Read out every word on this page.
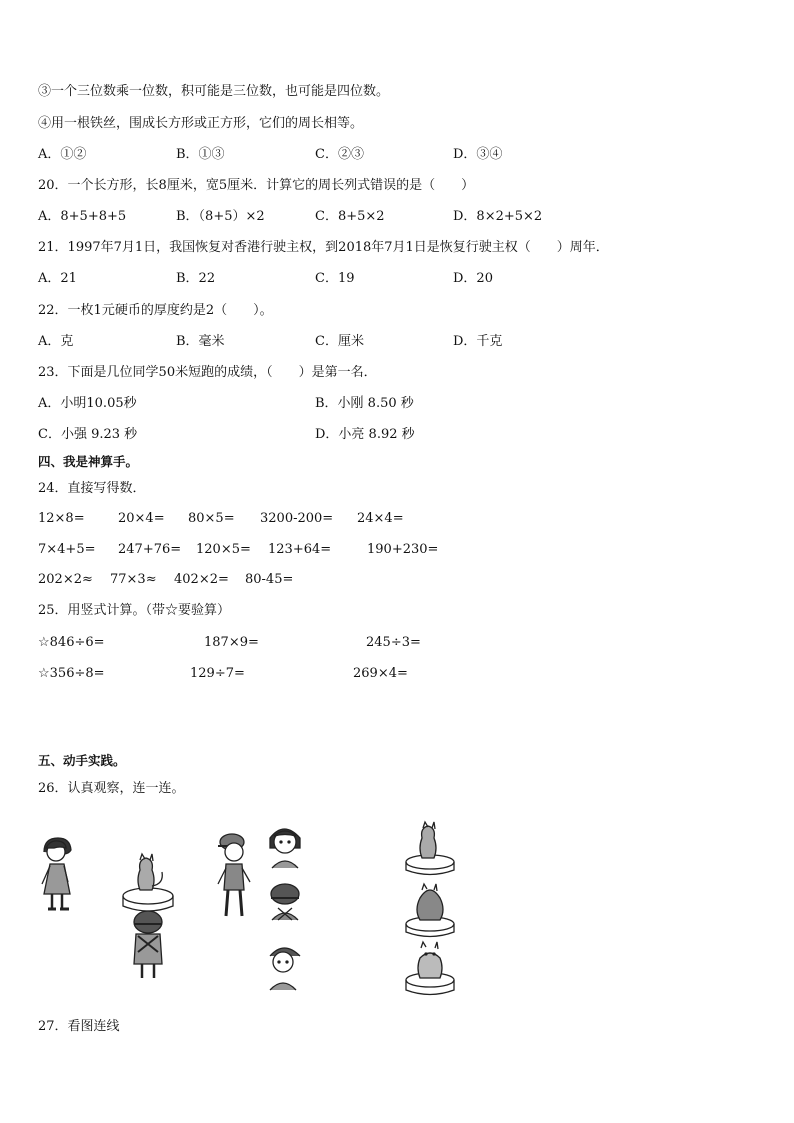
③一个三位数乘一位数，积可能是三位数，也可能是四位数。
④用一根铁丝，围成长方形或正方形，它们的周长相等。
A．①②	B．①③	C．②③	D．③④
20．一个长方形，长8厘米，宽5厘米．计算它的周长列式错误的是（　　）
A．8+5+8+5	B．（8+5）×2	C．8+5×2	D．8×2+5×2
21．1997年7月1日，我国恢复对香港行驶主权，到2018年7月1日是恢复行驶主权（　　）周年．
A．21	B．22	C．19	D．20
22．一枚1元硬币的厚度约是2（　　）。
A．克	B．毫米	C．厘米	D．千克
23．下面是几位同学50米短跑的成绩，（　　）是第一名．
A．小明10.05秒	B．小刚 8.50 秒
C．小强 9.23 秒	D．小亮 8.92 秒
四、我是神算手。
24．直接写得数．
12×8=	20×4= 80×5= 3200-200= 24×4=
7×4+5= 247+76= 120×5= 123+64=	190+230=
202×2≈ 77×3≈ 402×2= 80-45=
25．用竖式计算。（带☆要验算）
☆846÷6=	187×9=	245÷3=
☆356÷8=	129÷7=	269×4=
五、动手实践。
26．认真观察，连一连。
27．看图连线
